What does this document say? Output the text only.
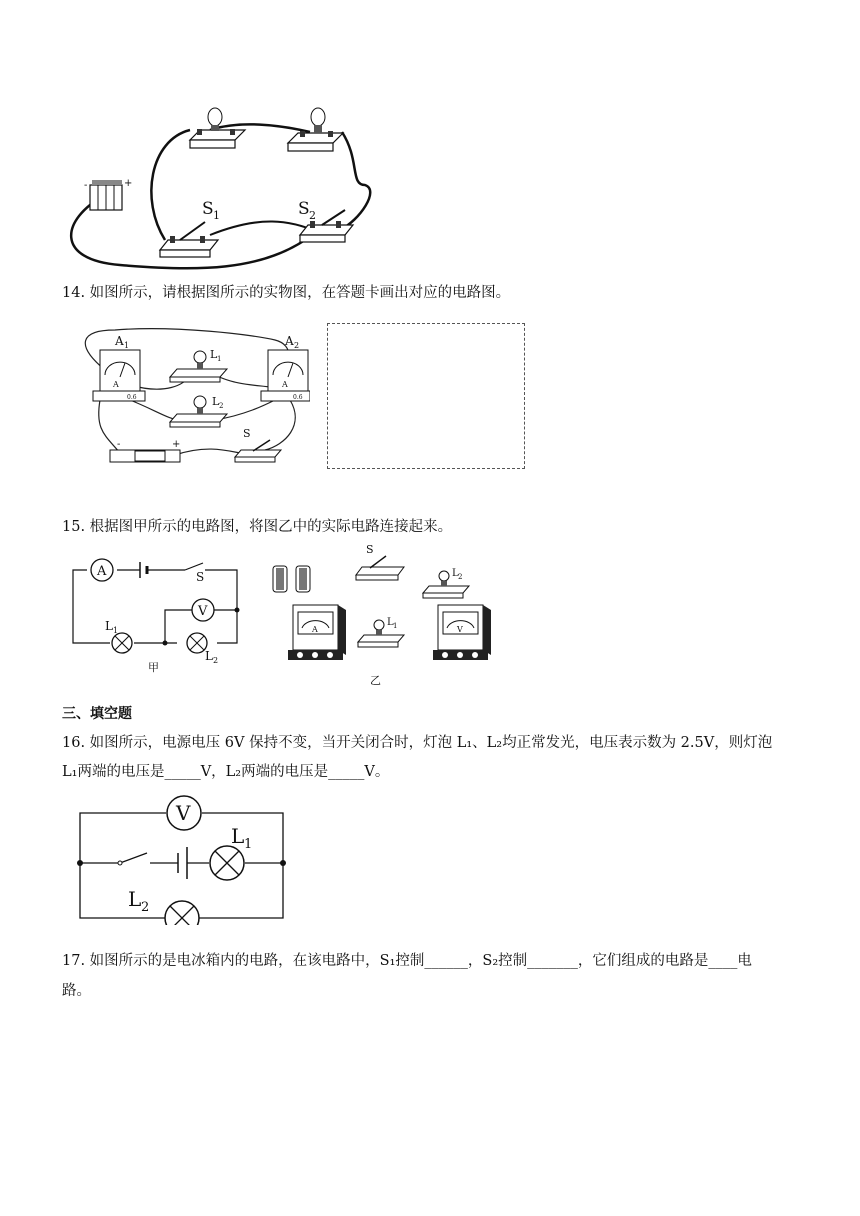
-	+
S 1	S 2
14. 如图所示，请根据图所示的实物图，在答题卡画出对应的电路图。
A
0.6
A 1
A
0.6
A 2
L 1
L 2
-	+
S
15. 根据图甲所示的电路图，将图乙中的实际电路连接起来。
A	S
V
L 1
L 2
甲
S
L 2
A
L 1	V
乙
三、填空题
16. 如图所示，电源电压 6V 保持不变，当开关闭合时，灯泡 L₁、L₂均正常发光，电压表示数为 2.5V，则灯泡
L₁两端的电压是_____V，L₂两端的电压是_____V。
V
L 1
L 2
17. 如图所示的是电冰箱内的电路，在该电路中，S₁控制______，S₂控制_______，它们组成的电路是____电
路。
